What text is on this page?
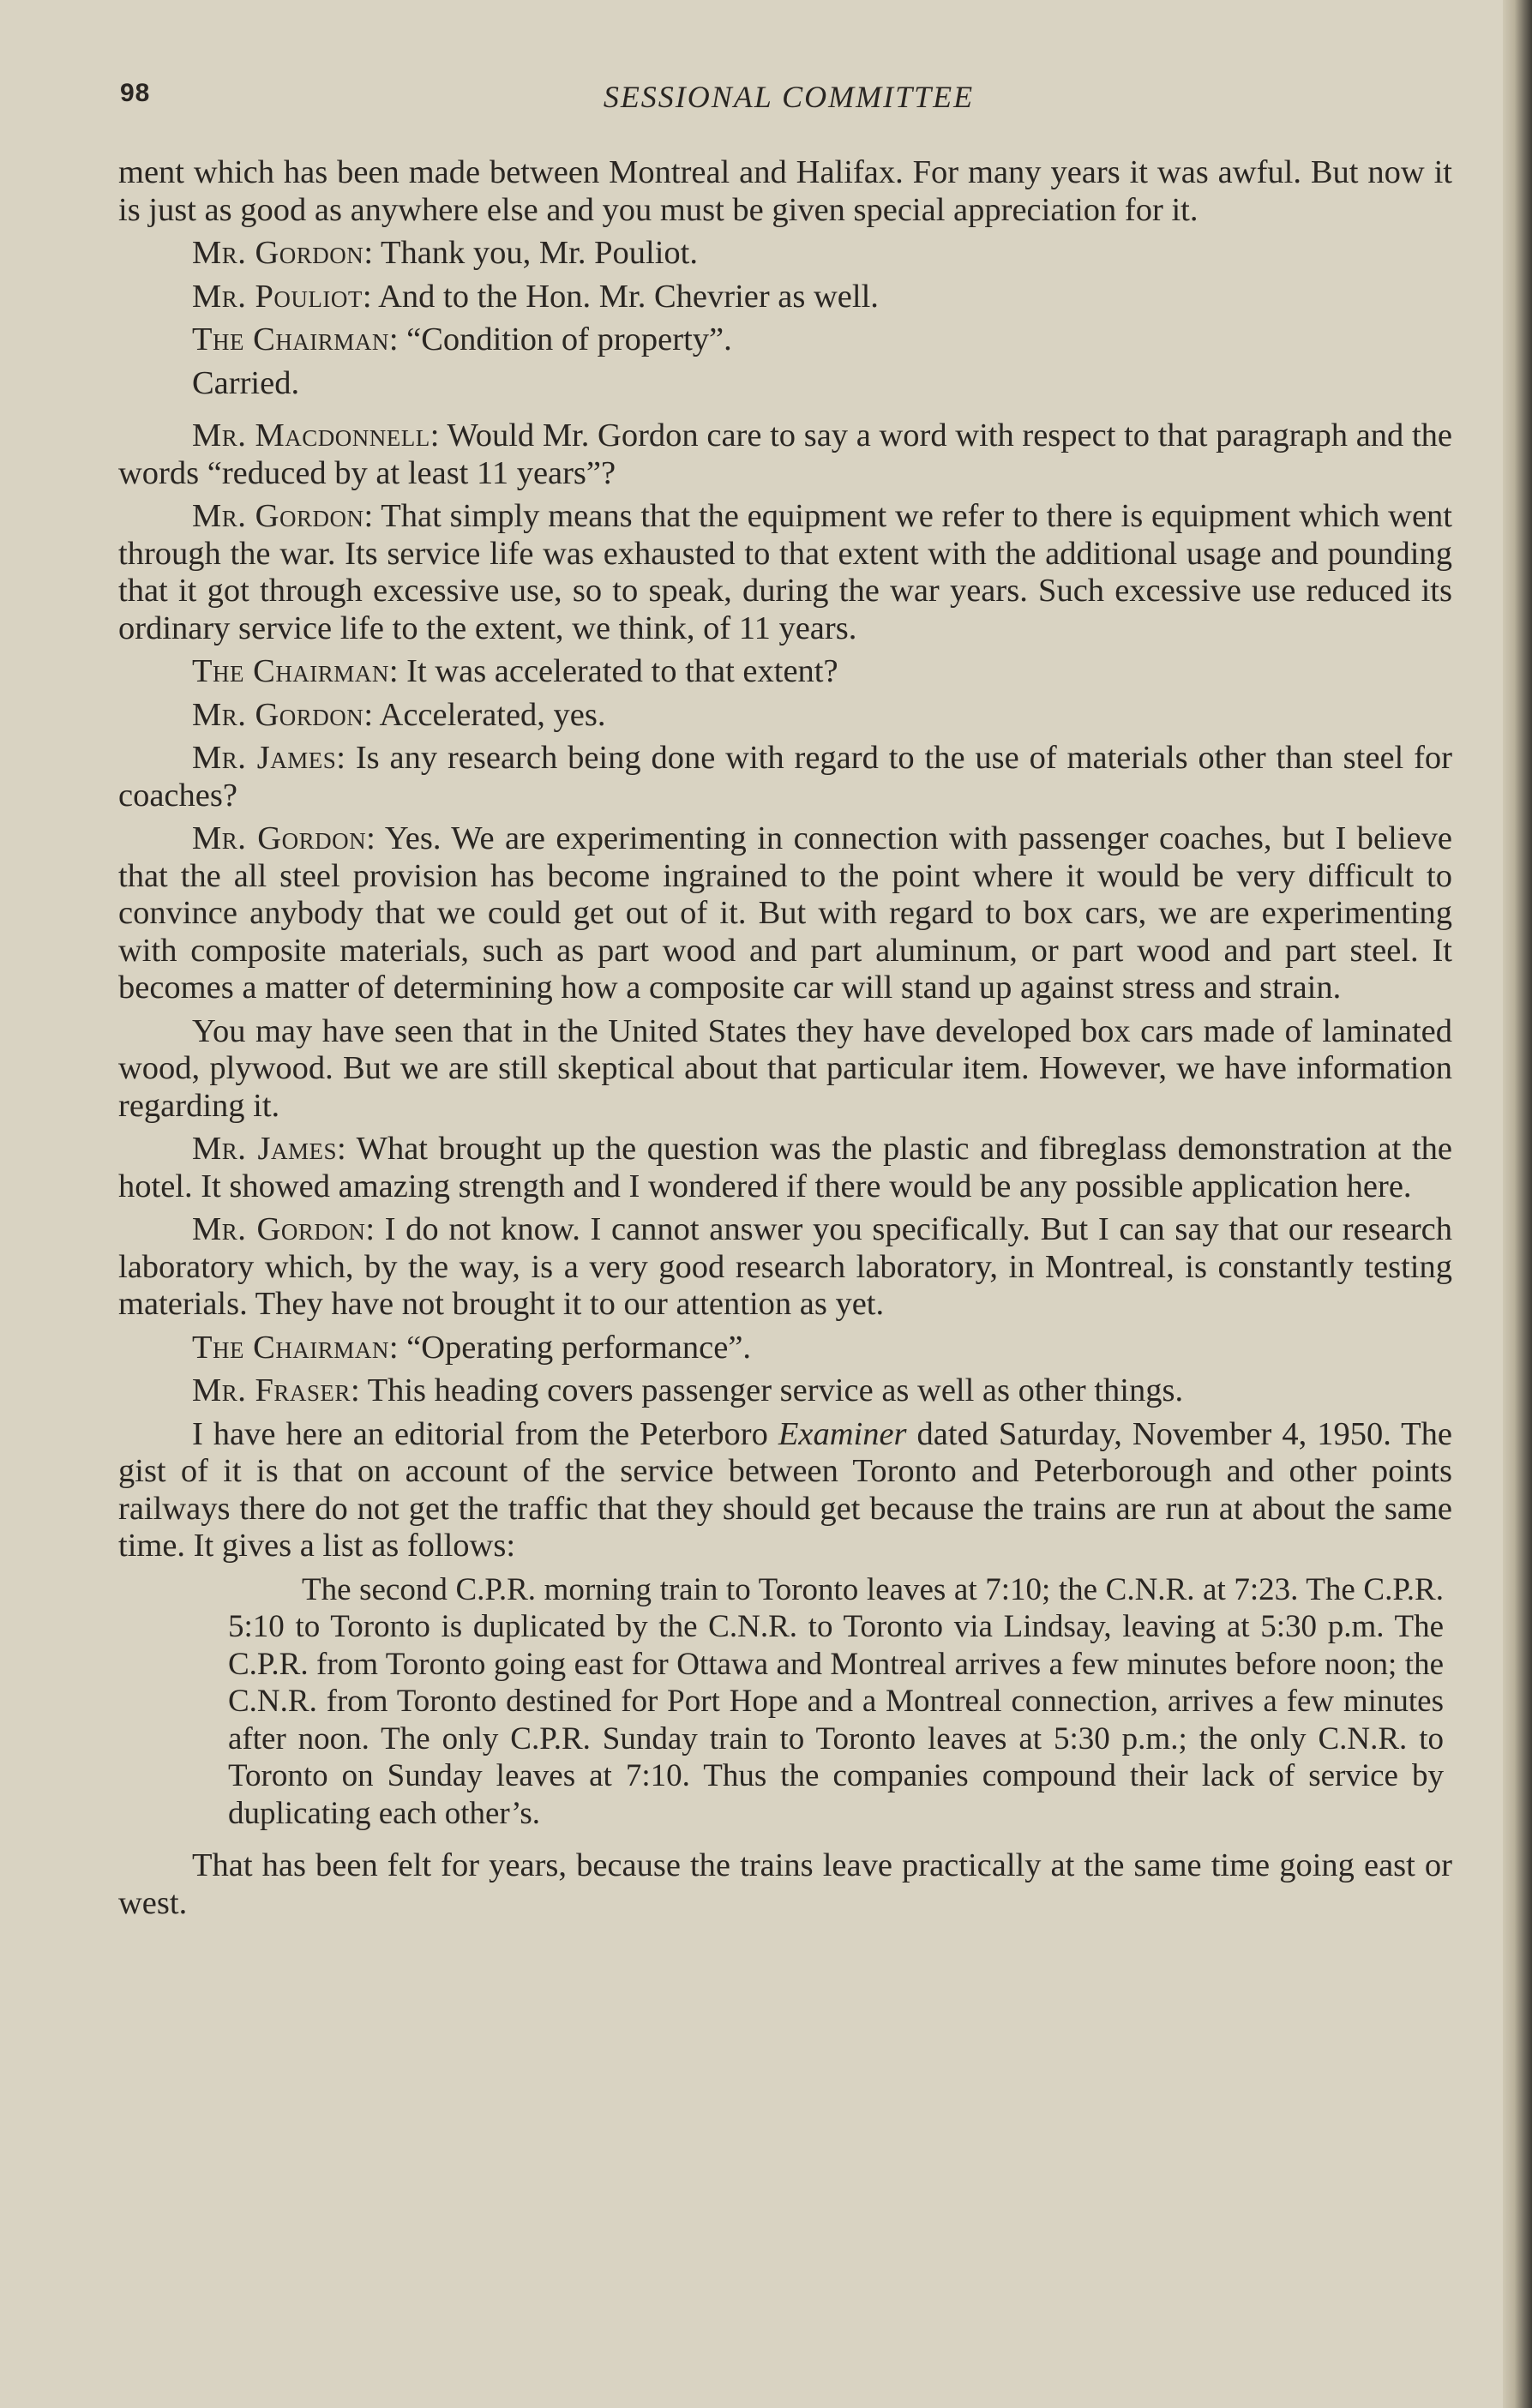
98	SESSIONAL COMMITTEE

ment which has been made between Montreal and Halifax. For many years it was awful. But now it is just as good as anywhere else and you must be given special appreciation for it.

Mr. Gordon: Thank you, Mr. Pouliot.

Mr. Pouliot: And to the Hon. Mr. Chevrier as well.

The Chairman: “Condition of property”.

Carried.

Mr. Macdonnell: Would Mr. Gordon care to say a word with respect to that paragraph and the words “reduced by at least 11 years”?

Mr. Gordon: That simply means that the equipment we refer to there is equipment which went through the war. Its service life was exhausted to that extent with the additional usage and pounding that it got through excessive use, so to speak, during the war years. Such excessive use reduced its ordinary service life to the extent, we think, of 11 years.

The Chairman: It was accelerated to that extent?

Mr. Gordon: Accelerated, yes.

Mr. James: Is any research being done with regard to the use of materials other than steel for coaches?

Mr. Gordon: Yes. We are experimenting in connection with passenger coaches, but I believe that the all steel provision has become ingrained to the point where it would be very difficult to convince anybody that we could get out of it. But with regard to box cars, we are experimenting with composite materials, such as part wood and part aluminum, or part wood and part steel. It becomes a matter of determining how a composite car will stand up against stress and strain.

You may have seen that in the United States they have developed box cars made of laminated wood, plywood. But we are still skeptical about that particular item. However, we have information regarding it.

Mr. James: What brought up the question was the plastic and fibreglass demonstration at the hotel. It showed amazing strength and I wondered if there would be any possible application here.

Mr. Gordon: I do not know. I cannot answer you specifically. But I can say that our research laboratory which, by the way, is a very good research laboratory, in Montreal, is constantly testing materials. They have not brought it to our attention as yet.

The Chairman: “Operating performance”.

Mr. Fraser: This heading covers passenger service as well as other things.

I have here an editorial from the Peterboro Examiner dated Saturday, November 4, 1950. The gist of it is that on account of the service between Toronto and Peterborough and other points railways there do not get the traffic that they should get because the trains are run at about the same time. It gives a list as follows:

The second C.P.R. morning train to Toronto leaves at 7:10; the C.N.R. at 7:23. The C.P.R. 5:10 to Toronto is duplicated by the C.N.R. to Toronto via Lindsay, leaving at 5:30 p.m. The C.P.R. from Toronto going east for Ottawa and Montreal arrives a few minutes before noon; the C.N.R. from Toronto destined for Port Hope and a Montreal connection, arrives a few minutes after noon. The only C.P.R. Sunday train to Toronto leaves at 5:30 p.m.; the only C.N.R. to Toronto on Sunday leaves at 7:10. Thus the companies compound their lack of service by duplicating each other’s.

That has been felt for years, because the trains leave practically at the same time going east or west.
